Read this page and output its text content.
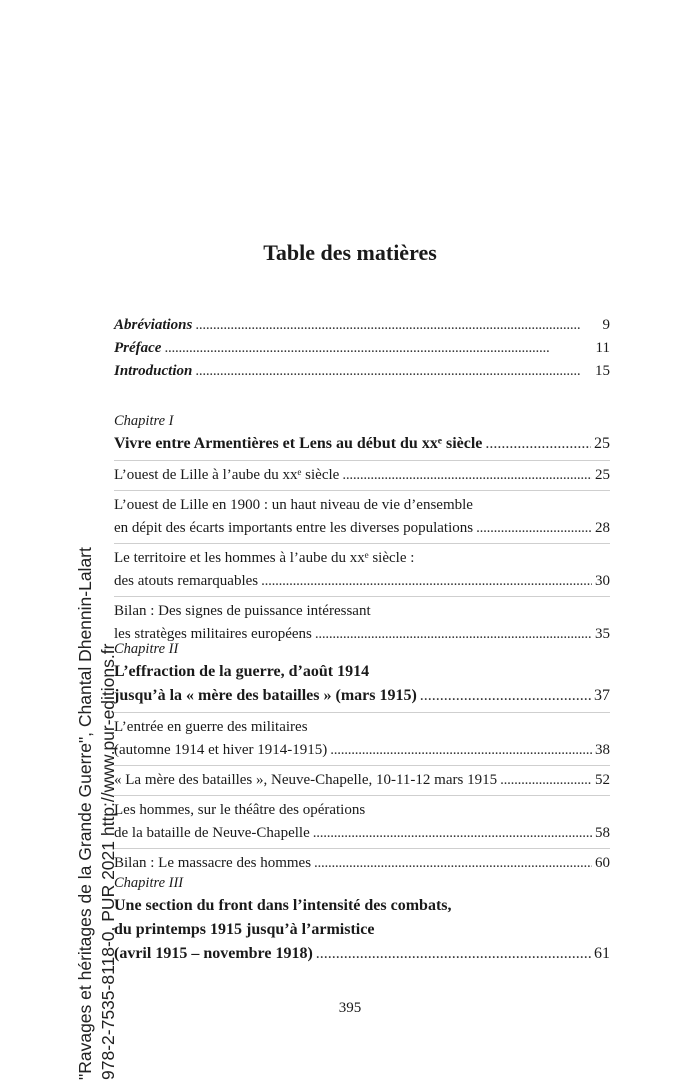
Table des matières
Abréviations . . .	9
Préface . . .	11
Introduction . . .	15
Chapitre I
Vivre entre Armentières et Lens au début du xxᵉ siècle . . .	25
L’ouest de Lille à l’aube du xxᵉ siècle . . .	25
L’ouest de Lille en 1900 : un haut niveau de vie d’ensemble
en dépit des écarts importants entre les diverses populations . . .	28
Le territoire et les hommes à l’aube du xxᵉ siècle :
des atouts remarquables . . .	30
Bilan : Des signes de puissance intéressant
les stratèges militaires européens . . .	35
Chapitre II
L’effraction de la guerre, d’août 1914
jusqu’à la « mère des batailles » (mars 1915) . . .	37
L’entrée en guerre des militaires
(automne 1914 et hiver 1914-1915) . . .	38
« La mère des batailles », Neuve-Chapelle, 10-11-12 mars 1915 . . .	52
Les hommes, sur le théâtre des opérations
de la bataille de Neuve-Chapelle . . .	58
Bilan : Le massacre des hommes . . .	60
Chapitre III
Une section du front dans l’intensité des combats,
du printemps 1915 jusqu’à l’armistice
(avril 1915 – novembre 1918) . . .	61
395
"Ravages et héritages de la Grande Guerre", Chantal Dhennin-Lalart 978-2-7535-8118-0, PUR 2021 http://www.pur-editions.fr
